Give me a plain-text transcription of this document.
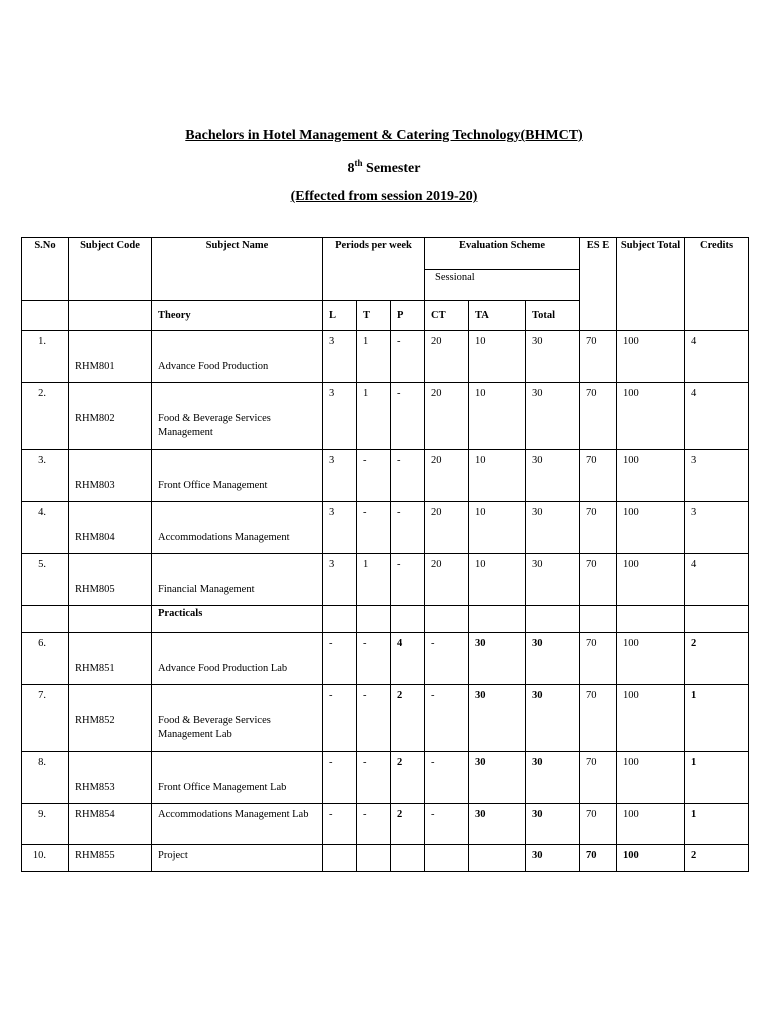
Bachelors in Hotel Management & Catering Technology(BHMCT)
8th Semester
(Effected from session 2019-20)
S.No	Subject Code	Subject Name	Periods per week			Evaluation Scheme			ES E	Subject Total	Credits
						Sessional					
		Theory	L	T	P	CT	TA	Total			
1.	RHM801	Advance Food Production	3	1	-	20	10	30	70	100	4
2.	RHM802	Food & Beverage Services Management	3	1	-	20	10	30	70	100	4
3.	RHM803	Front Office Management	3	-	-	20	10	30	70	100	3
4.	RHM804	Accommodations Management	3	-	-	20	10	30	70	100	3
5.	RHM805	Financial Management	3	1	-	20	10	30	70	100	4
		Practicals									
6.	RHM851	Advance Food Production Lab	-	-	4	-	30	30	70	100	2
7.	RHM852	Food & Beverage Services Management Lab	-	-	2	-	30	30	70	100	1
8.	RHM853	Front Office Management Lab	-	-	2	-	30	30	70	100	1
9.	RHM854	Accommodations Management Lab	-	-	2	-	30	30	70	100	1
10.	RHM855	Project						30	70	100	2
